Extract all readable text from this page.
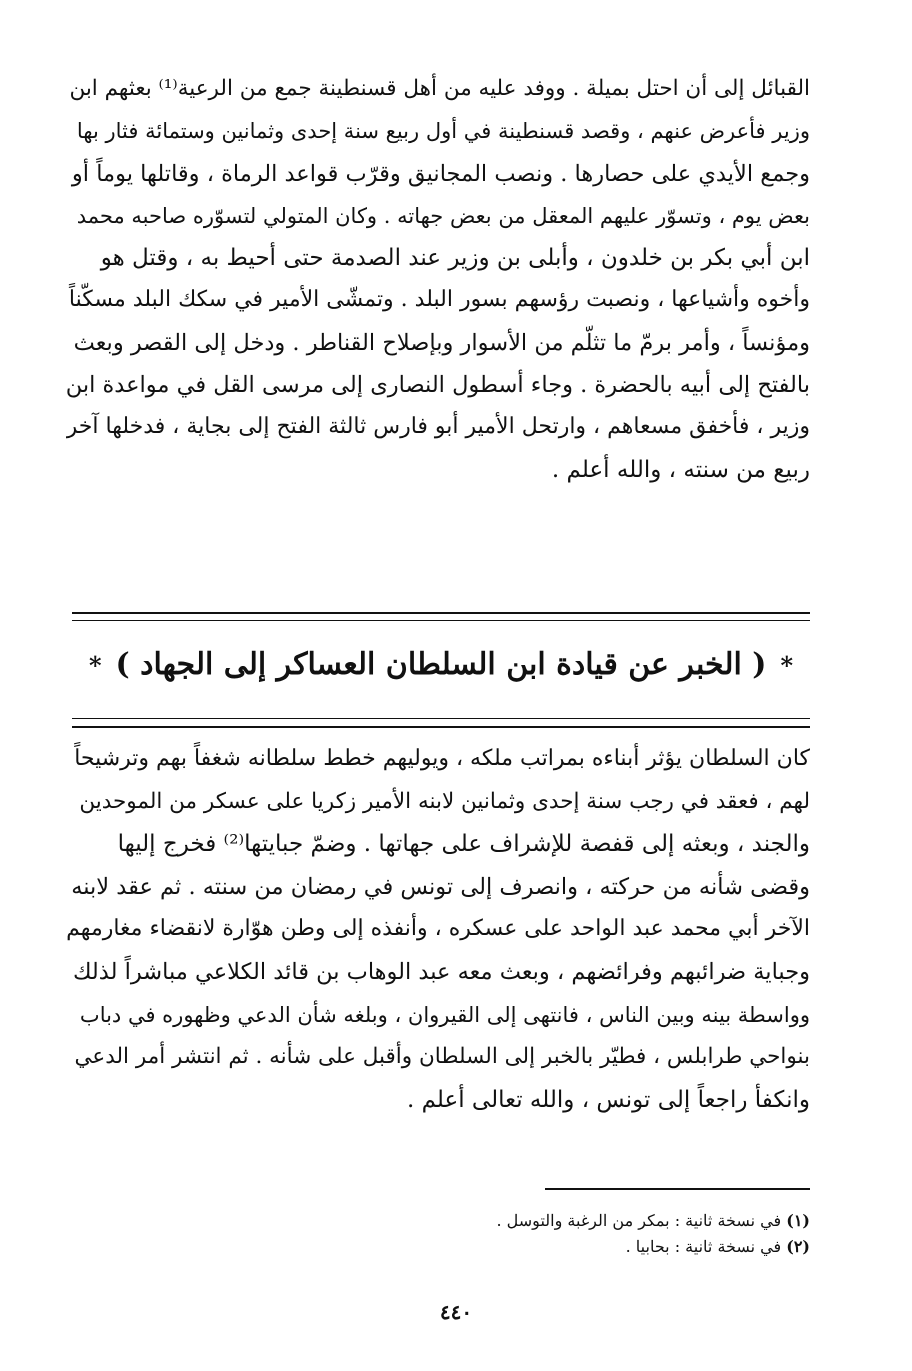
القبائل إلى أن احتل بميلة . ووفد عليه من أهل قسنطينة جمع من الرعية⁽¹⁾ بعثهم ابن
وزير فأعرض عنهم ، وقصد قسنطينة في أول ربيع سنة إحدى وثمانين وستمائة فثار بها
وجمع الأيدي على حصارها . ونصب المجانيق وقرّب قواعد الرماة ، وقاتلها يوماً أو
بعض يوم ، وتسوّر عليهم المعقل من بعض جهاته . وكان المتولي لتسوّره صاحبه محمد
ابن أبي بكر بن خلدون ، وأبلى بن وزير عند الصدمة حتى أحيط به ، وقتل هو
وأخوه وأشياعها ، ونصبت رؤسهم بسور البلد . وتمشّى الأمير في سكك البلد مسكّناً
ومؤنساً ، وأمر برمّ ما تثلّم من الأسوار وبإصلاح القناطر . ودخل إلى القصر وبعث
بالفتح إلى أبيه بالحضرة . وجاء أسطول النصارى إلى مرسى القل في مواعدة ابن
وزير ، فأخفق مسعاهم ، وارتحل الأمير أبو فارس ثالثة الفتح إلى بجاية ، فدخلها آخر
ربيع من سنته ، والله أعلم .
*( الخبر عن قيادة ابن السلطان العساكر إلى الجهاد )*
كان السلطان يؤثر أبناءه بمراتب ملكه ، ويوليهم خطط سلطانه شغفاً بهم وترشيحاً
لهم ، فعقد في رجب سنة إحدى وثمانين لابنه الأمير زكريا على عسكر من الموحدين
والجند ، وبعثه إلى قفصة للإشراف على جهاتها . وضمّ جبايتها⁽²⁾ فخرج إليها
وقضى شأنه من حركته ، وانصرف إلى تونس في رمضان من سنته . ثم عقد لابنه
الآخر أبي محمد عبد الواحد على عسكره ، وأنفذه إلى وطن هوّارة لانقضاء مغارمهم
وجباية ضرائبهم وفرائضهم ، وبعث معه عبد الوهاب بن قائد الكلاعي مباشراً لذلك
وواسطة بينه وبين الناس ، فانتهى إلى القيروان ، وبلغه شأن الدعي وظهوره في دباب
بنواحي طرابلس ، فطيّر بالخبر إلى السلطان وأقبل على شأنه . ثم انتشر أمر الدعي
وانكفأ راجعاً إلى تونس ، والله تعالى أعلم .
(١) في نسخة ثانية : بمكر من الرغبة والتوسل .
(٢) في نسخة ثانية : بحابيا .
٤٤٠
